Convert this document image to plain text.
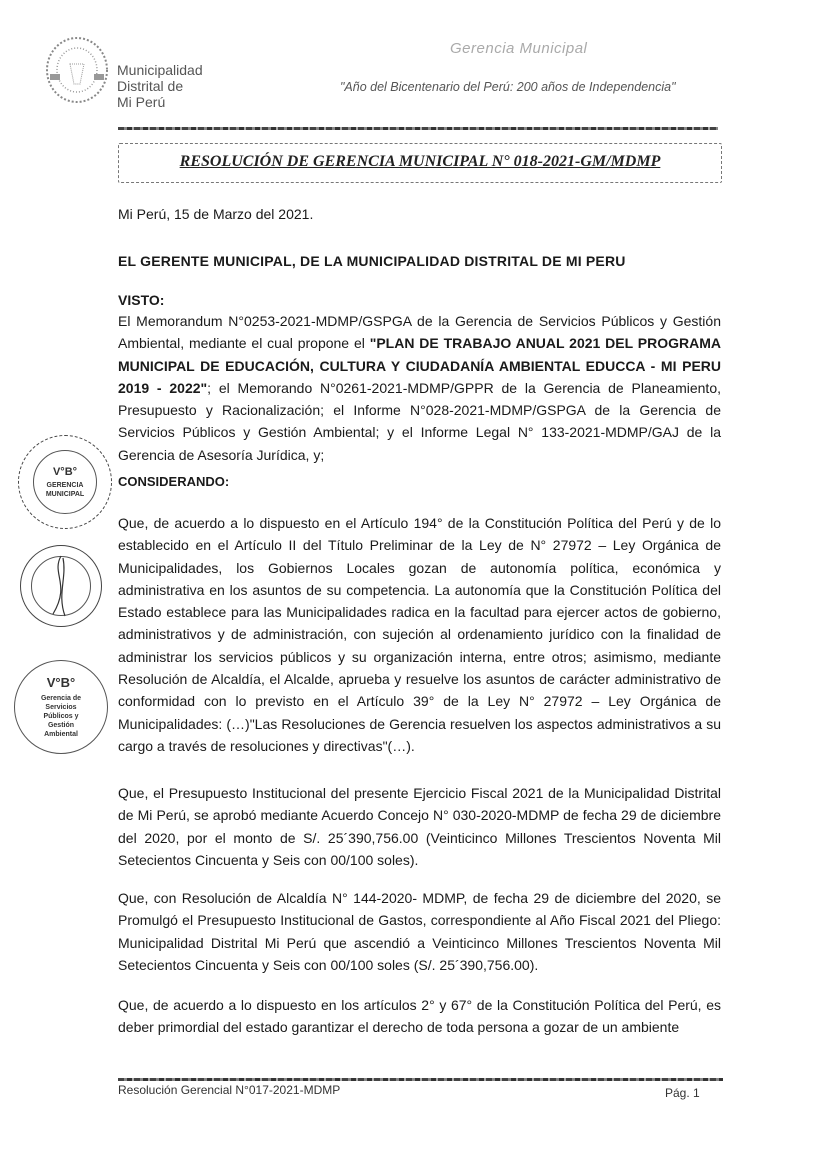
Municipalidad
Distrital de
Mi Perú
Gerencia Municipal
"Año del Bicentenario del Perú: 200 años de Independencia"
RESOLUCIÓN DE GERENCIA MUNICIPAL N° 018-2021-GM/MDMP
Mi Perú, 15 de Marzo del 2021.
EL GERENTE MUNICIPAL, DE LA MUNICIPALIDAD DISTRITAL DE MI PERU
VISTO:
El Memorandum N°0253-2021-MDMP/GSPGA de la Gerencia de Servicios Públicos y Gestión Ambiental, mediante el cual propone el "PLAN DE TRABAJO ANUAL 2021 DEL PROGRAMA MUNICIPAL DE EDUCACIÓN, CULTURA Y CIUDADANÍA AMBIENTAL EDUCCA - MI PERU 2019 - 2022"; el Memorando N°0261-2021-MDMP/GPPR de la Gerencia de Planeamiento, Presupuesto y Racionalización; el Informe N°028-2021-MDMP/GSPGA de la Gerencia de Servicios Públicos y Gestión Ambiental; y el Informe Legal N° 133-2021-MDMP/GAJ de la Gerencia de Asesoría Jurídica, y;
CONSIDERANDO:
Que, de acuerdo a lo dispuesto en el Artículo 194° de la Constitución Política del Perú y de lo establecido en el Artículo II del Título Preliminar de la Ley de N° 27972 – Ley Orgánica de Municipalidades, los Gobiernos Locales gozan de autonomía política, económica y administrativa en los asuntos de su competencia. La autonomía que la Constitución Política del Estado establece para las Municipalidades radica en la facultad para ejercer actos de gobierno, administrativos y de administración, con sujeción al ordenamiento jurídico con la finalidad de administrar los servicios públicos y su organización interna, entre otros; asimismo, mediante Resolución de Alcaldía, el Alcalde, aprueba y resuelve los asuntos de carácter administrativo de conformidad con lo previsto en el Artículo 39° de la Ley N° 27972 – Ley Orgánica de Municipalidades: (…)"Las Resoluciones de Gerencia resuelven los aspectos administrativos a su cargo a través de resoluciones y directivas"(…).
Que, el Presupuesto Institucional del presente Ejercicio Fiscal 2021 de la Municipalidad Distrital de Mi Perú, se aprobó mediante Acuerdo Concejo N° 030-2020-MDMP de fecha 29 de diciembre del 2020, por el monto de S/. 25´390,756.00 (Veinticinco Millones Trescientos Noventa Mil Setecientos Cincuenta y Seis con 00/100 soles).
Que, con Resolución de Alcaldía N° 144-2020- MDMP, de fecha 29 de diciembre del 2020, se Promulgó el Presupuesto Institucional de Gastos, correspondiente al Año Fiscal 2021 del Pliego: Municipalidad Distrital Mi Perú que ascendió a Veinticinco Millones Trescientos Noventa Mil Setecientos Cincuenta y Seis con 00/100 soles (S/. 25´390,756.00).
Que, de acuerdo a lo dispuesto en los artículos 2° y 67° de la Constitución Política del Perú, es deber primordial del estado garantizar el derecho de toda persona a gozar de un ambiente
V°B°
GERENCIA
MUNICIPAL
V°B°
Gerencia de
Servicios
Públicos y
Gestión
Ambiental
Resolución Gerencial N°017-2021-MDMP	Pág. 1
